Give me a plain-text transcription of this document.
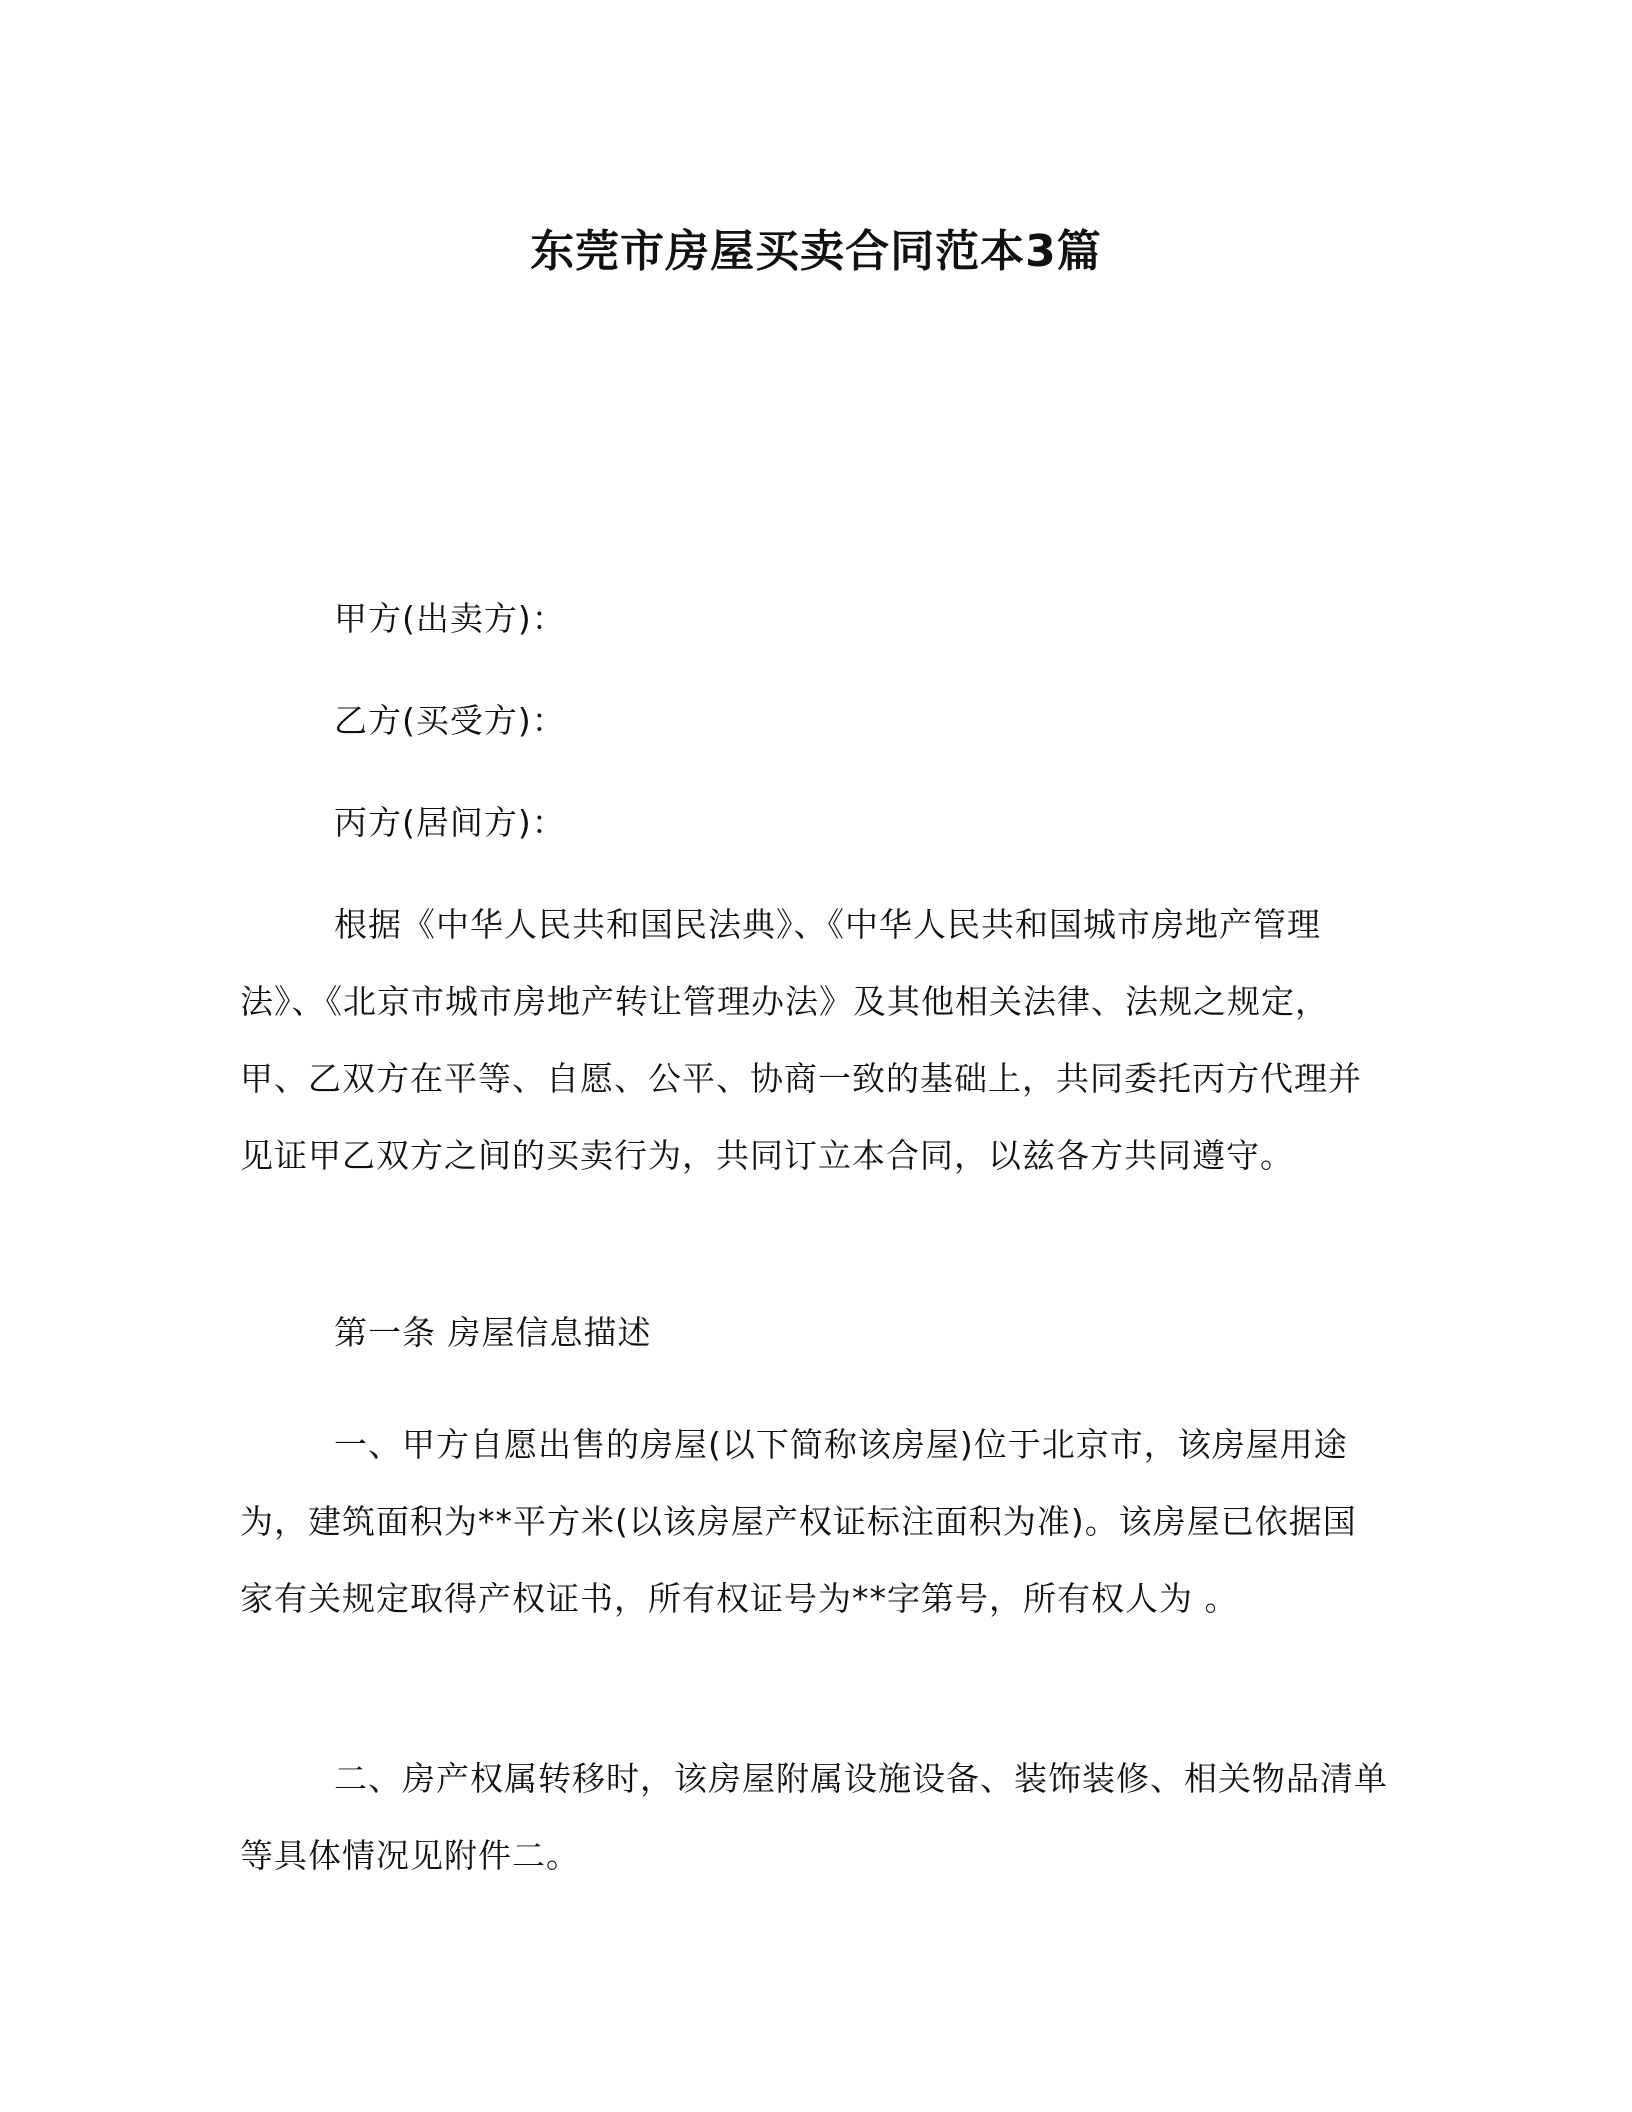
东莞市房屋买卖合同范本3篇
甲方(出卖方)：
乙方(买受方)：
丙方(居间方)：

根据《中华人民共和国民法典》、《中华人民共和国城市房地产管理法》、《北京市城市房地产转让管理办法》及其他相关法律、法规之规定，甲、乙双方在平等、自愿、公平、协商一致的基础上，共同委托丙方代理并见证甲乙双方之间的买卖行为，共同订立本合同，以兹各方共同遵守。

第一条 房屋信息描述

一、甲方自愿出售的房屋(以下简称该房屋)位于北京市，该房屋用途为，建筑面积为**平方米(以该房屋产权证标注面积为准)。该房屋已依据国家有关规定取得产权证书，所有权证号为**字第号，所有权人为 。

二、房产权属转移时，该房屋附属设施设备、装饰装修、相关物品清单等具体情况见附件二。
